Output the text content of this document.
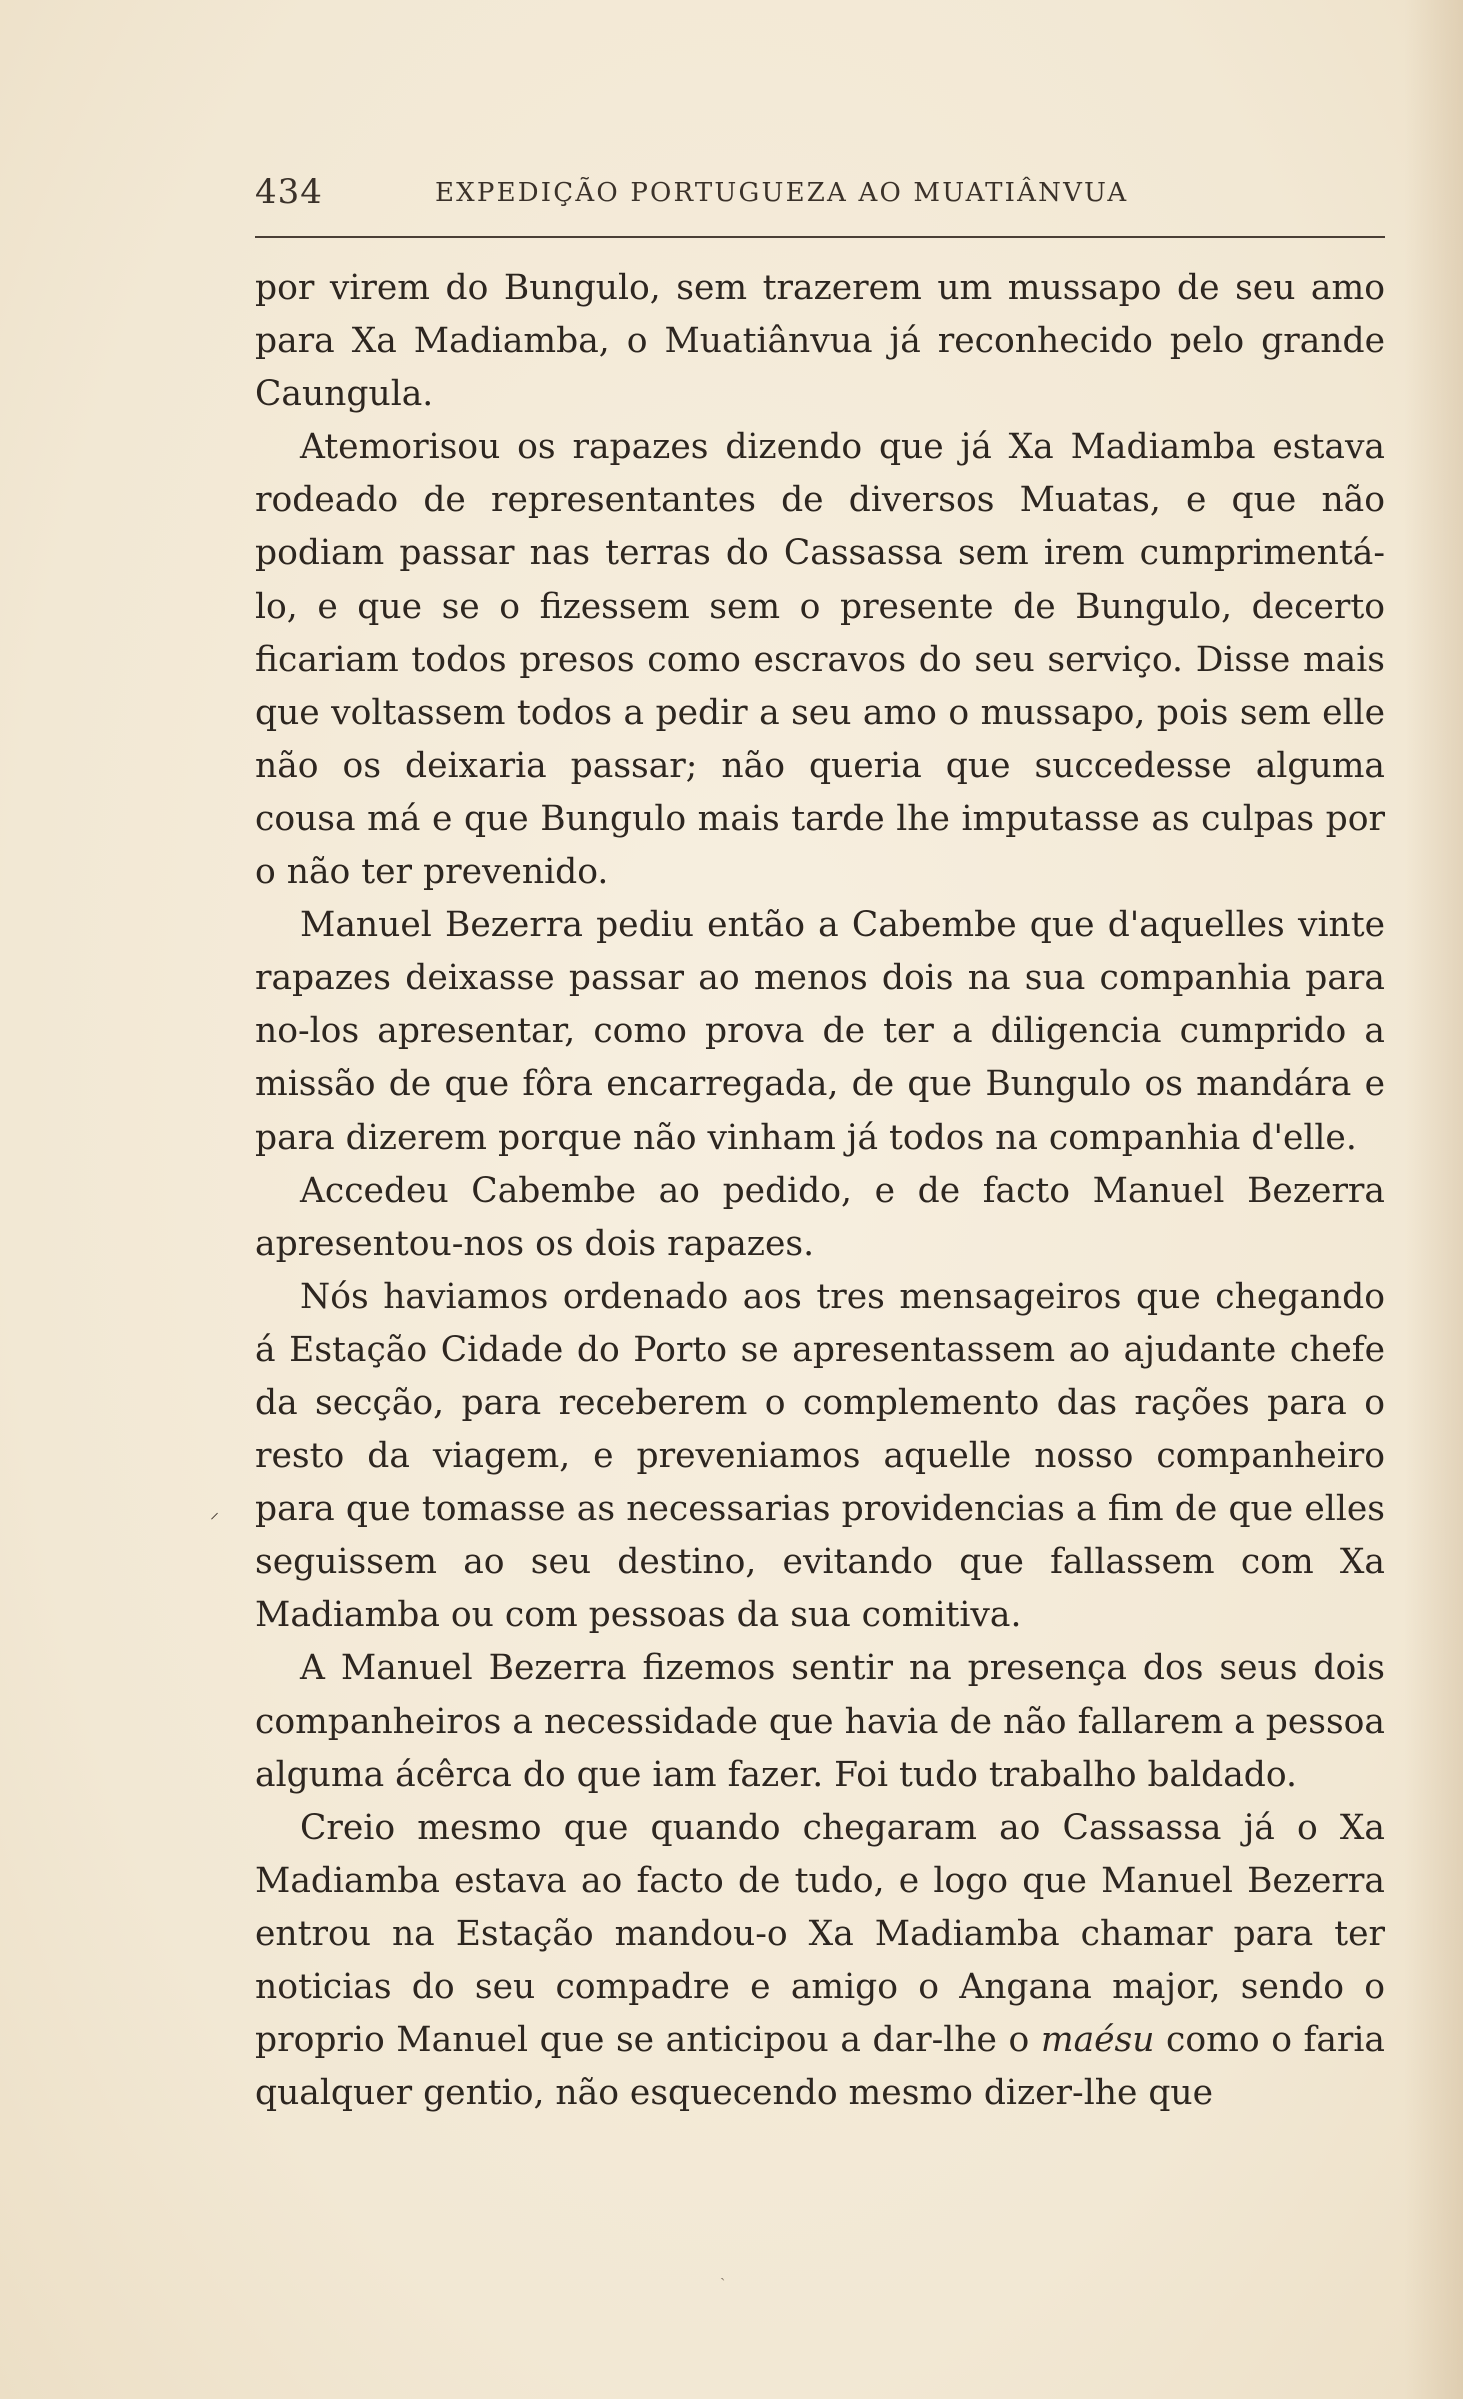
434	EXPEDIÇÃO PORTUGUEZA AO MUATIÂNVUA

por virem do Bungulo, sem trazerem um mussapo de seu amo para Xa Madiamba, o Muatiânvua já reconhecido pelo grande Caungula.

Atemorisou os rapazes dizendo que já Xa Madiamba estava rodeado de representantes de diversos Muatas, e que não podiam passar nas terras do Cassassa sem irem cumprimentá-lo, e que se o fizessem sem o presente de Bungulo, decerto ficariam todos presos como escravos do seu serviço. Disse mais que voltassem todos a pedir a seu amo o mussapo, pois sem elle não os deixaria passar; não queria que succedesse alguma cousa má e que Bungulo mais tarde lhe imputasse as culpas por o não ter prevenido.

Manuel Bezerra pediu então a Cabembe que d'aquelles vinte rapazes deixasse passar ao menos dois na sua companhia para no-los apresentar, como prova de ter a diligencia cumprido a missão de que fôra encarregada, de que Bungulo os mandára e para dizerem porque não vinham já todos na companhia d'elle.

Accedeu Cabembe ao pedido, e de facto Manuel Bezerra apresentou-nos os dois rapazes.

Nós haviamos ordenado aos tres mensageiros que chegando á Estação Cidade do Porto se apresentassem ao ajudante chefe da secção, para receberem o complemento das rações para o resto da viagem, e preveniamos aquelle nosso companheiro para que tomasse as necessarias providencias a fim de que elles seguissem ao seu destino, evitando que fallassem com Xa Madiamba ou com pessoas da sua comitiva.

A Manuel Bezerra fizemos sentir na presença dos seus dois companheiros a necessidade que havia de não fallarem a pessoa alguma ácêrca do que iam fazer. Foi tudo trabalho baldado.

Creio mesmo que quando chegaram ao Cassassa já o Xa Madiamba estava ao facto de tudo, e logo que Manuel Bezerra entrou na Estação mandou-o Xa Madiamba chamar para ter noticias do seu compadre e amigo o Angana major, sendo o proprio Manuel que se anticipou a dar-lhe o maésu como o faria qualquer gentio, não esquecendo mesmo dizer-lhe que

⸝
ˎ
